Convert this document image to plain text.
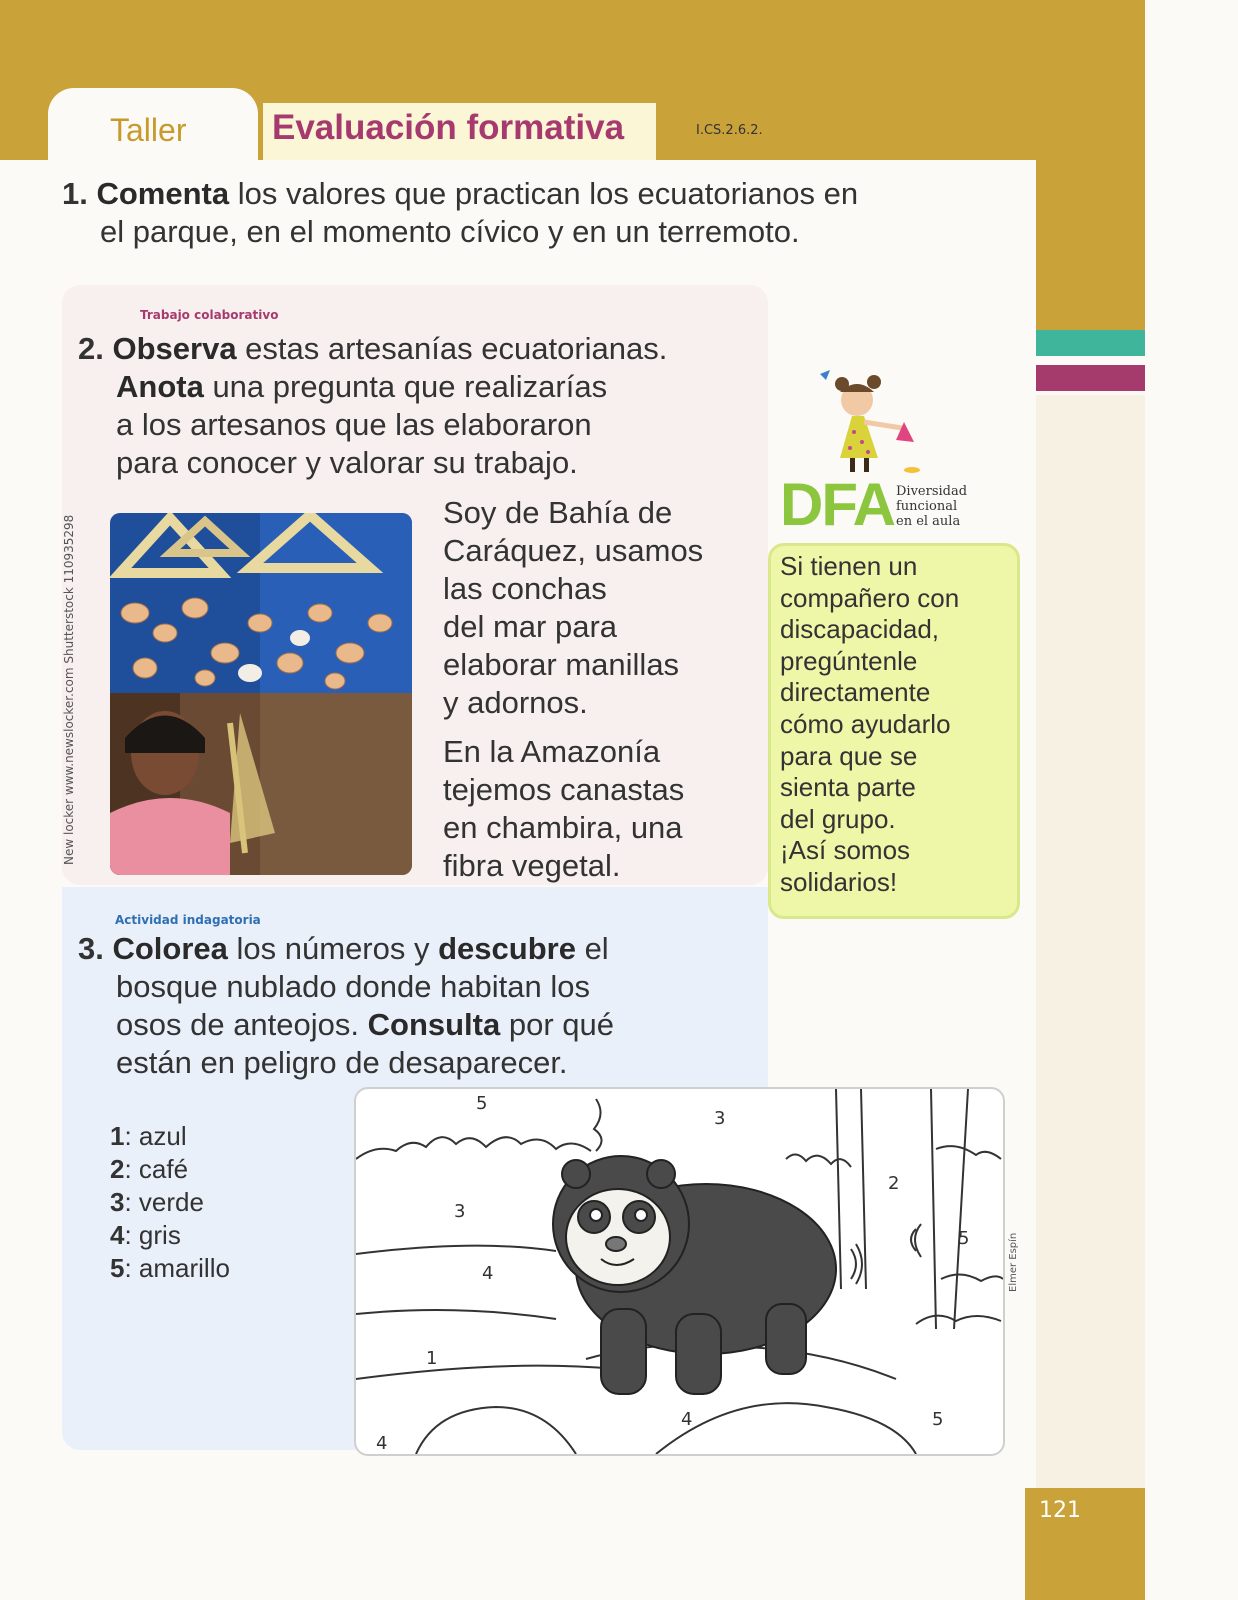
Taller Evaluación formativa	I.CS.2.6.2.
1. Comenta los valores que practican los ecuatorianos en
el parque, en el momento cívico y en un terremoto.
Trabajo colaborativo
2. Observa estas artesanías ecuatorianas.
Anota una pregunta que realizarías
a los artesanos que las elaboraron
para conocer y valorar su trabajo.
New locker www.newslocker.com Shutterstock 110935298
Soy de Bahía de
Caráquez, usamos
las conchas
del mar para
elaborar manillas
y adornos.
En la Amazonía
tejemos canastas
en chambira, una
fibra vegetal.
DFA Diversidad
funcional
en el aula
Si tienen un
compañero con
discapacidad,
pregúntenle
directamente
cómo ayudarlo
para que se
sienta parte
del grupo.
¡Así somos
solidarios!
Actividad indagatoria
3. Colorea los números y descubre el
bosque nublado donde habitan los
osos de anteojos. Consulta por qué
están en peligro de desaparecer.
1: azul
2: café
3: verde
4: gris
5: amarillo
5
3
3
2
4
5
1
4	5
4
Elmer Espín
121
